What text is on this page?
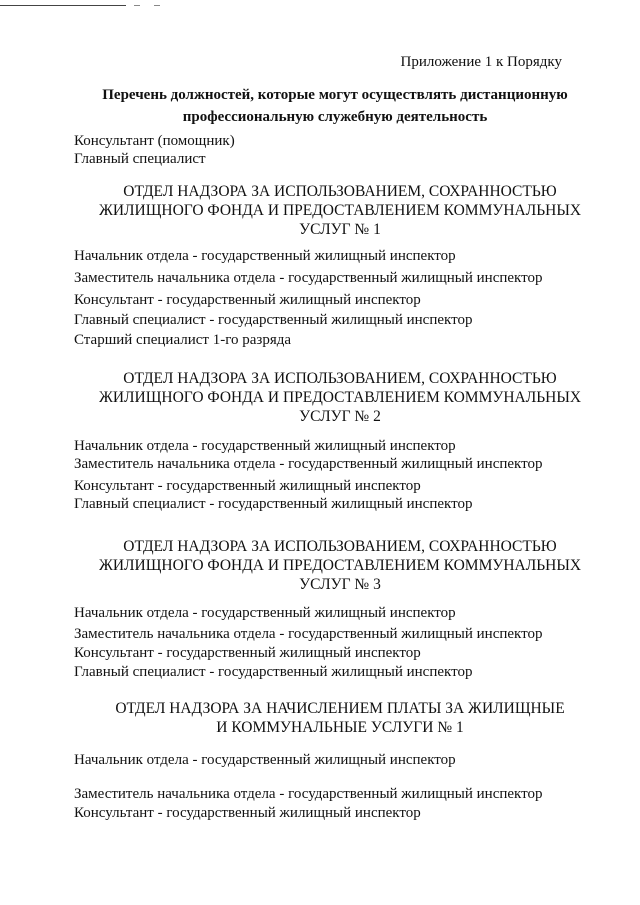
Приложение 1 к Порядку
Перечень должностей, которые могут осуществлять дистанционную
профессиональную служебную деятельность
Консультант (помощник)
Главный специалист
ОТДЕЛ НАДЗОРА ЗА ИСПОЛЬЗОВАНИЕМ, СОХРАННОСТЬЮ
ЖИЛИЩНОГО ФОНДА И ПРЕДОСТАВЛЕНИЕМ КОММУНАЛЬНЫХ
УСЛУГ № 1
Начальник отдела - государственный жилищный инспектор
Заместитель начальника отдела - государственный жилищный инспектор
Консультант - государственный жилищный инспектор
Главный специалист - государственный жилищный инспектор
Старший специалист 1-го разряда
ОТДЕЛ НАДЗОРА ЗА ИСПОЛЬЗОВАНИЕМ, СОХРАННОСТЬЮ
ЖИЛИЩНОГО ФОНДА И ПРЕДОСТАВЛЕНИЕМ КОММУНАЛЬНЫХ
УСЛУГ № 2
Начальник отдела - государственный жилищный инспектор
Заместитель начальника отдела - государственный жилищный инспектор
Консультант - государственный жилищный инспектор
Главный специалист - государственный жилищный инспектор
ОТДЕЛ НАДЗОРА ЗА ИСПОЛЬЗОВАНИЕМ, СОХРАННОСТЬЮ
ЖИЛИЩНОГО ФОНДА И ПРЕДОСТАВЛЕНИЕМ КОММУНАЛЬНЫХ
УСЛУГ № 3
Начальник отдела - государственный жилищный инспектор
Заместитель начальника отдела - государственный жилищный инспектор
Консультант - государственный жилищный инспектор
Главный специалист - государственный жилищный инспектор
ОТДЕЛ НАДЗОРА ЗА НАЧИСЛЕНИЕМ ПЛАТЫ ЗА ЖИЛИЩНЫЕ
И КОММУНАЛЬНЫЕ УСЛУГИ № 1
Начальник отдела - государственный жилищный инспектор
Заместитель начальника отдела - государственный жилищный инспектор
Консультант - государственный жилищный инспектор
